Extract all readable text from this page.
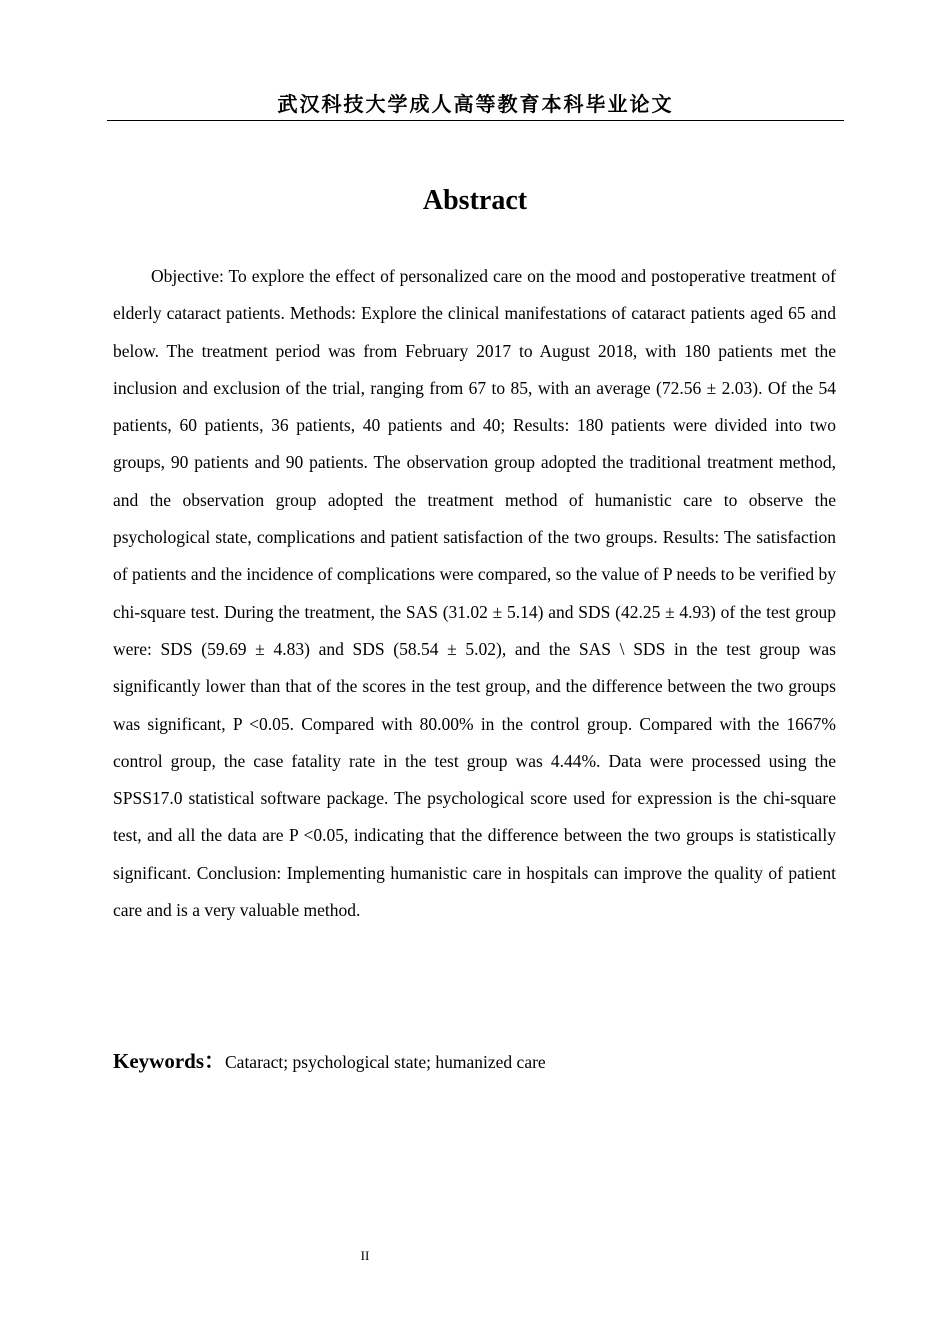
武汉科技大学成人高等教育本科毕业论文
Abstract

Objective: To explore the effect of personalized care on the mood and postoperative treatment of elderly cataract patients. Methods: Explore the clinical manifestations of cataract patients aged 65 and below. The treatment period was from February 2017 to August 2018, with 180 patients met the inclusion and exclusion of the trial, ranging from 67 to 85, with an average (72.56 ± 2.03). Of the 54 patients, 60 patients, 36 patients, 40 patients and 40; Results: 180 patients were divided into two groups, 90 patients and 90 patients. The observation group adopted the traditional treatment method, and the observation group adopted the treatment method of humanistic care to observe the psychological state, complications and patient satisfaction of the two groups. Results: The satisfaction of patients and the incidence of complications were compared, so the value of P needs to be verified by chi-square test. During the treatment, the SAS (31.02 ± 5.14) and SDS (42.25 ± 4.93) of the test group were: SDS (59.69 ± 4.83) and SDS (58.54 ± 5.02), and the SAS \ SDS in the test group was significantly lower than that of the scores in the test group, and the difference between the two groups was significant, P <0.05. Compared with 80.00% in the control group. Compared with the 1667% control group, the case fatality rate in the test group was 4.44%. Data were processed using the SPSS17.0 statistical software package. The psychological score used for expression is the chi-square test, and all the data are P <0.05, indicating that the difference between the two groups is statistically significant. Conclusion: Implementing humanistic care in hospitals can improve the quality of patient care and is a very valuable method.

Keywords：Cataract; psychological state; humanized care
II
